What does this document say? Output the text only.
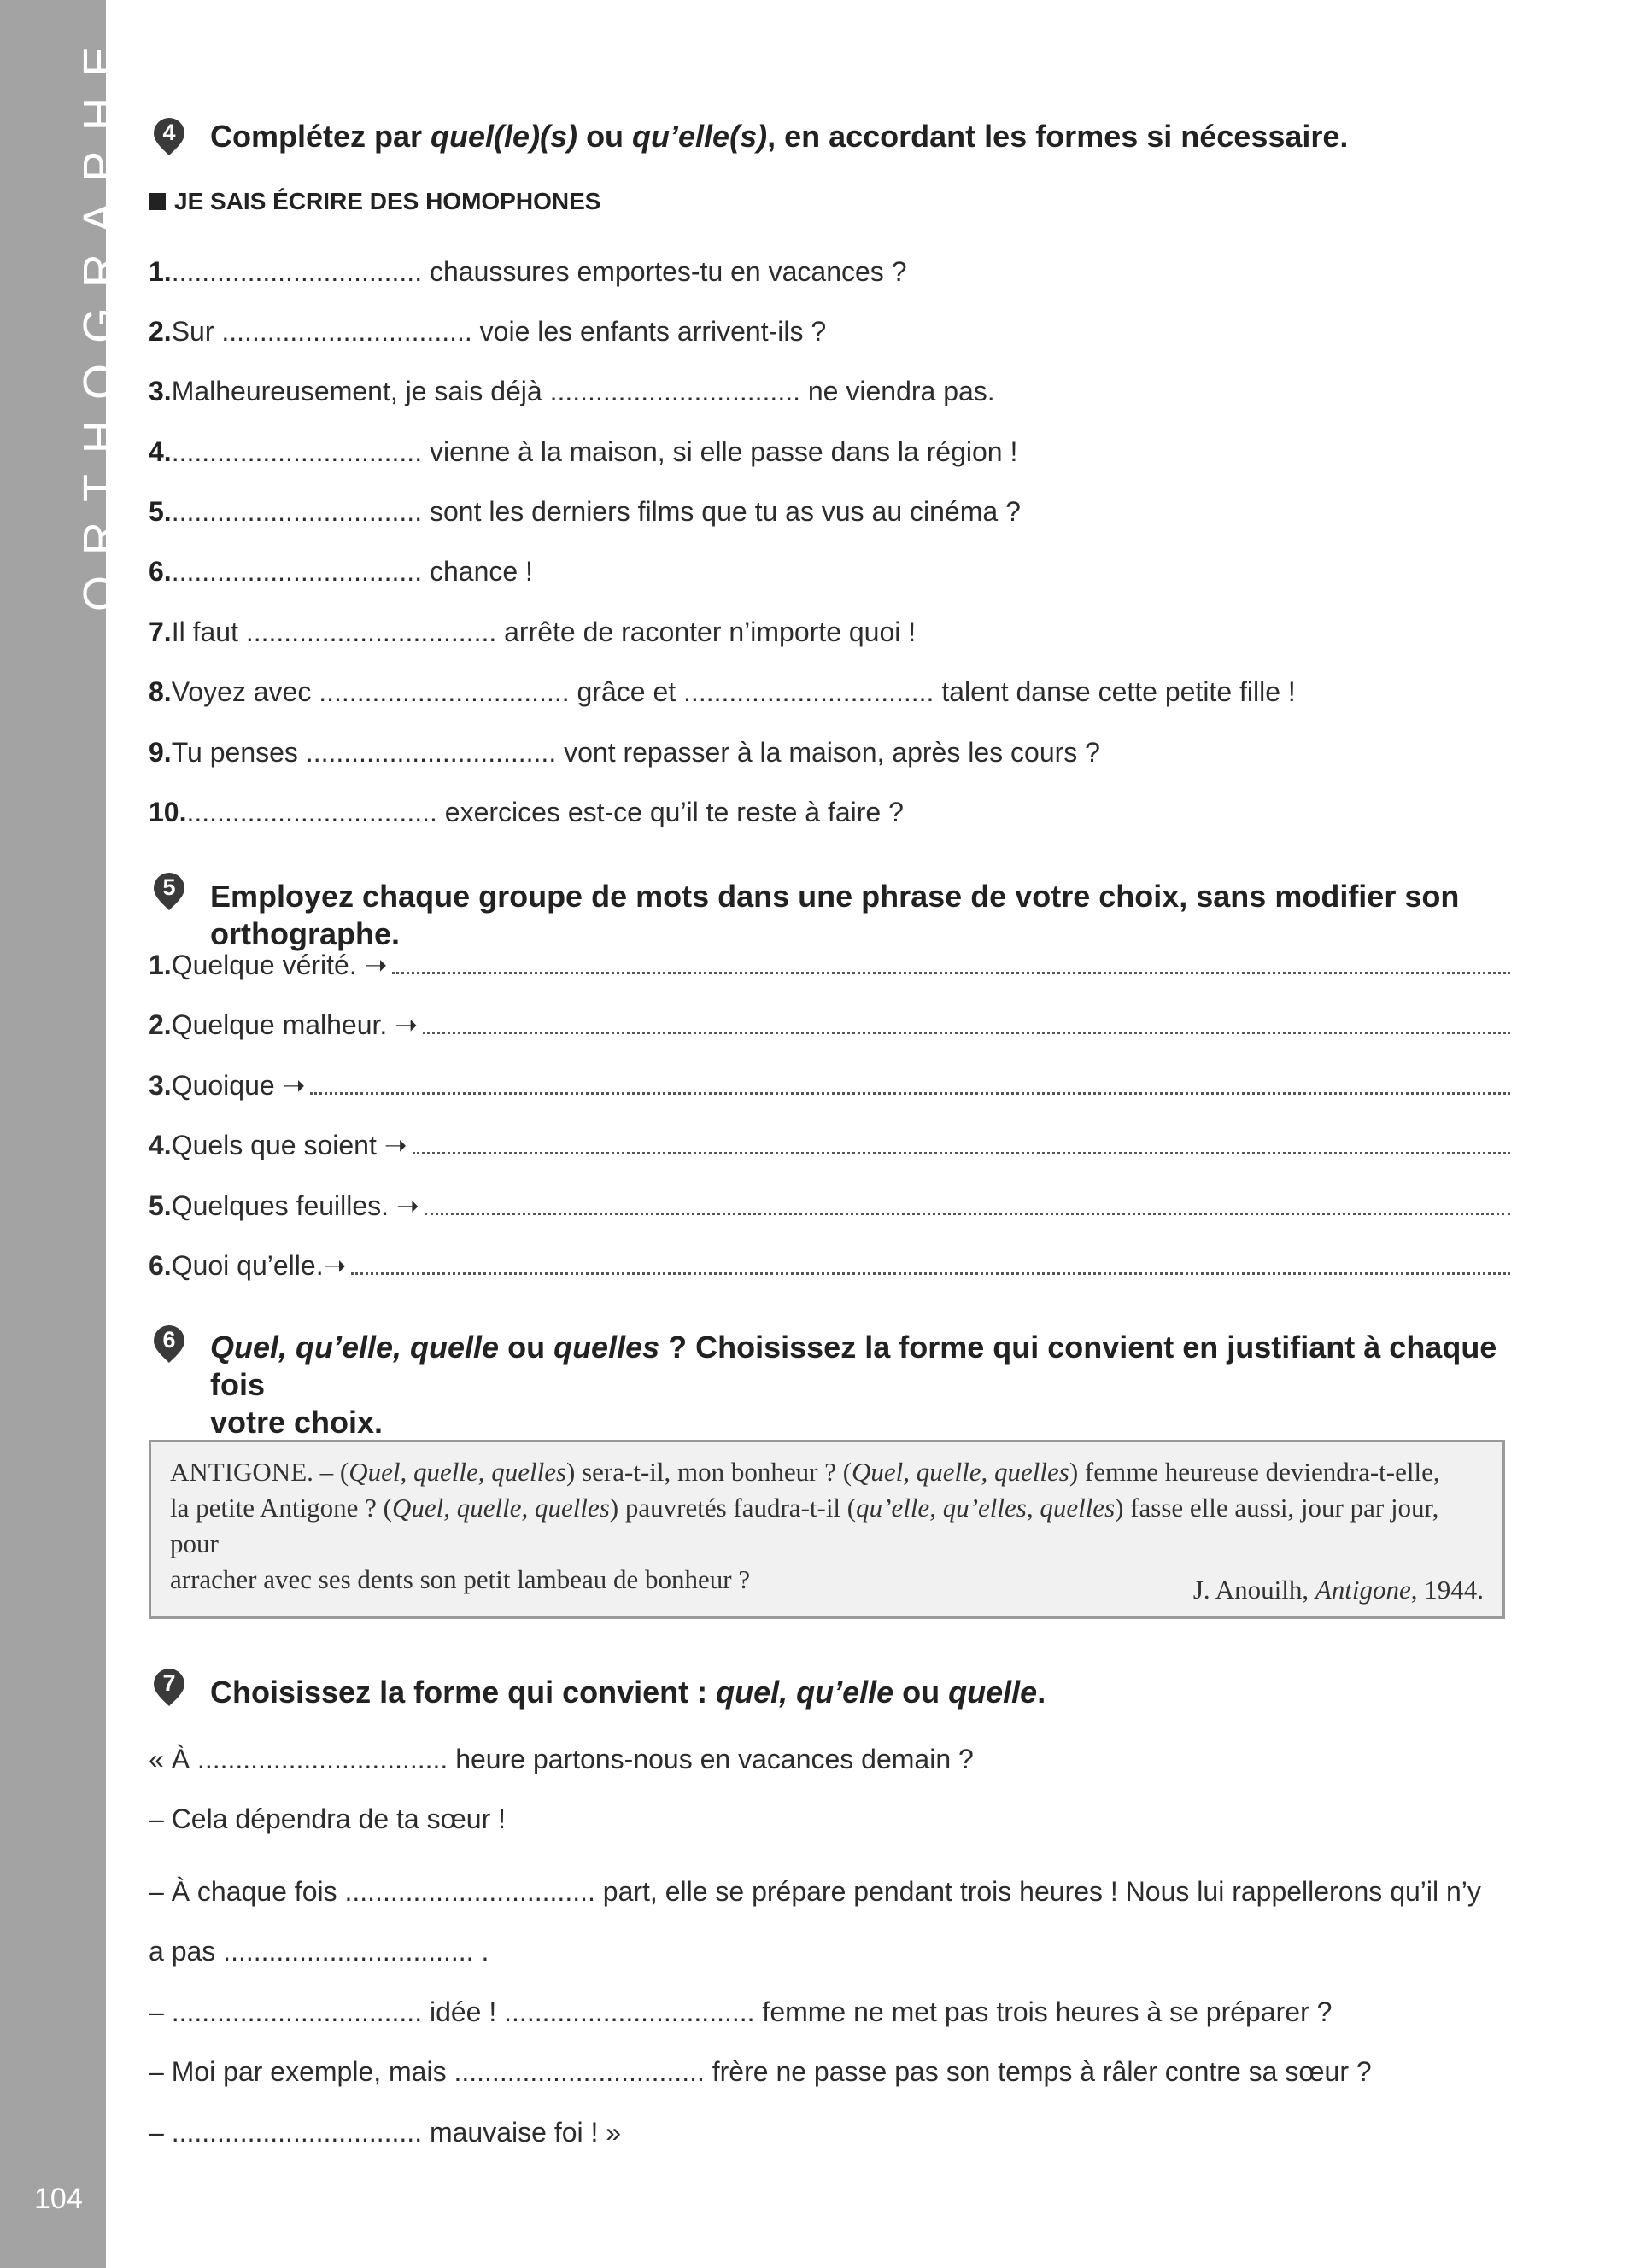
ORTHOGRAPHE
104
4	Complétez par quel(le)(s) ou qu’elle(s), en accordant les formes si nécessaire.
JE SAIS ÉCRIRE DES HOMOPHONES
1.................................. chaussures emportes-tu en vacances ?
2.Sur ................................. voie les enfants arrivent-ils ?
3.Malheureusement, je sais déjà ................................. ne viendra pas.
4.................................. vienne à la maison, si elle passe dans la région !
5.................................. sont les derniers films que tu as vus au cinéma ?
6.................................. chance !
7.Il faut ................................. arrête de raconter n’importe quoi !
8.Voyez avec ................................. grâce et ................................. talent danse cette petite fille !
9.Tu penses ................................. vont repasser à la maison, après les cours ?
10.................................. exercices est-ce qu’il te reste à faire ?
5	Employez chaque groupe de mots dans une phrase de votre choix, sans modifier son orthographe.
1.Quelque vérité. ➝
2.Quelque malheur. ➝
3.Quoique ➝
4.Quels que soient ➝
5.Quelques feuilles. ➝
6.Quoi qu’elle.➝
6	Quel, qu’elle, quelle ou quelles ? Choisissez la forme qui convient en justifiant à chaque fois
votre choix.
ANTIGONE. – (Quel, quelle, quelles) sera-t-il, mon bonheur ? (Quel, quelle, quelles) femme heureuse deviendra-t-elle,
la petite Antigone ? (Quel, quelle, quelles) pauvretés faudra-t-il (qu’elle, qu’elles, quelles) fasse elle aussi, jour par jour, pour
arracher avec ses dents son petit lambeau de bonheur ?	J. Anouilh, Antigone, 1944.
7	Choisissez la forme qui convient : quel, qu’elle ou quelle.
« À ................................. heure partons-nous en vacances demain ?
– Cela dépendra de ta sœur !
– À chaque fois ................................. part, elle se prépare pendant trois heures ! Nous lui rappellerons qu’il n’y
a pas ................................. .
– ................................. idée ! ................................. femme ne met pas trois heures à se préparer ?
– Moi par exemple, mais ................................. frère ne passe pas son temps à râler contre sa sœur ?
– ................................. mauvaise foi ! »
